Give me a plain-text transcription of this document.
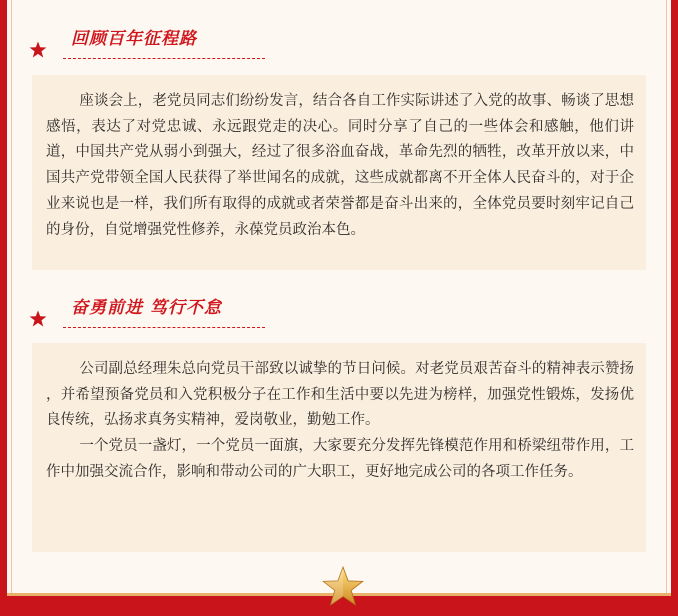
回顾百年征程路

座谈会上，老党员同志们纷纷发言，结合各自工作实际讲述了入党的故事、畅谈了思想感悟，表达了对党忠诚、永远跟党走的决心。同时分享了自己的一些体会和感触，他们讲道，中国共产党从弱小到强大，经过了很多浴血奋战，革命先烈的牺牲，改革开放以来，中国共产党带领全国人民获得了举世闻名的成就，这些成就都离不开全体人民奋斗的，对于企业来说也是一样，我们所有取得的成就或者荣誉都是奋斗出来的，全体党员要时刻牢记自己的身份，自觉增强党性修养，永葆党员政治本色。

奋勇前进 笃行不怠

公司副总经理朱总向党员干部致以诚挚的节日问候。对老党员艰苦奋斗的精神表示赞扬 ，并希望预备党员和入党积极分子在工作和生活中要以先进为榜样，加强党性锻炼，发扬优良传统，弘扬求真务实精神，爱岗敬业，勤勉工作。

一个党员一盏灯，一个党员一面旗，大家要充分发挥先锋模范作用和桥梁纽带作用，工作中加强交流合作，影响和带动公司的广大职工，更好地完成公司的各项工作任务。
